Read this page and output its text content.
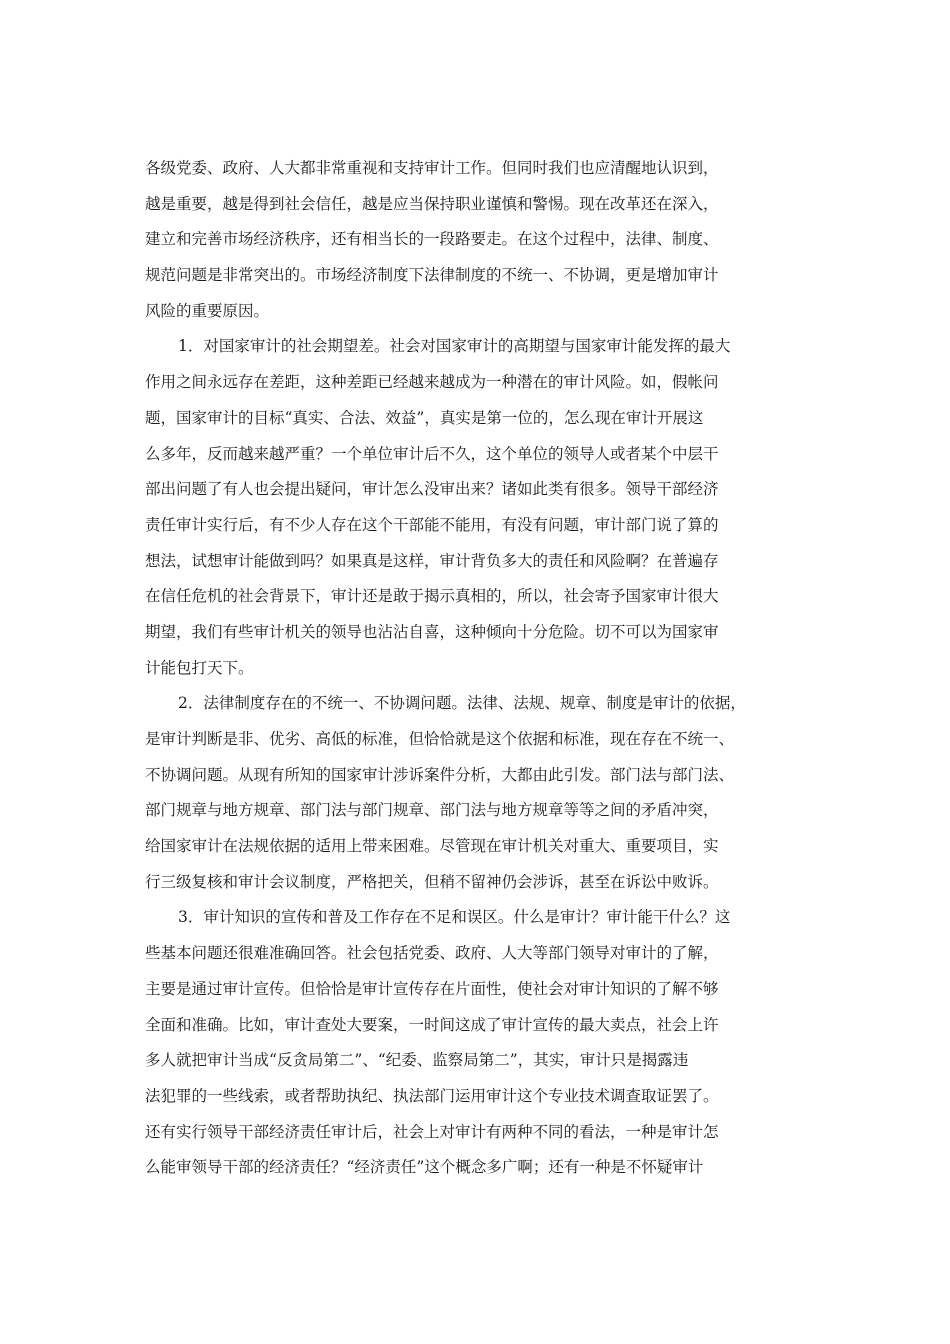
各级党委、政府、人大都非常重视和支持审计工作。但同时我们也应清醒地认识到，
越是重要，越是得到社会信任，越是应当保持职业谨慎和警惕。现在改革还在深入，
建立和完善市场经济秩序，还有相当长的一段路要走。在这个过程中，法律、制度、
规范问题是非常突出的。市场经济制度下法律制度的不统一、不协调，更是增加审计
风险的重要原因。
1．对国家审计的社会期望差。社会对国家审计的高期望与国家审计能发挥的最大
作用之间永远存在差距，这种差距已经越来越成为一种潜在的审计风险。如，假帐问
题，国家审计的目标“真实、合法、效益”，真实是第一位的，怎么现在审计开展这
么多年，反而越来越严重？一个单位审计后不久，这个单位的领导人或者某个中层干
部出问题了有人也会提出疑问，审计怎么没审出来？诸如此类有很多。领导干部经济
责任审计实行后，有不少人存在这个干部能不能用，有没有问题，审计部门说了算的
想法，试想审计能做到吗？如果真是这样，审计背负多大的责任和风险啊？在普遍存
在信任危机的社会背景下，审计还是敢于揭示真相的，所以，社会寄予国家审计很大
期望，我们有些审计机关的领导也沾沾自喜，这种倾向十分危险。切不可以为国家审
计能包打天下。
2．法律制度存在的不统一、不协调问题。法律、法规、规章、制度是审计的依据，
是审计判断是非、优劣、高低的标准，但恰恰就是这个依据和标准，现在存在不统一、
不协调问题。从现有所知的国家审计涉诉案件分析，大都由此引发。部门法与部门法、
部门规章与地方规章、部门法与部门规章、部门法与地方规章等等之间的矛盾冲突，
给国家审计在法规依据的适用上带来困难。尽管现在审计机关对重大、重要项目，实
行三级复核和审计会议制度，严格把关，但稍不留神仍会涉诉，甚至在诉讼中败诉。
3．审计知识的宣传和普及工作存在不足和误区。什么是审计？审计能干什么？这
些基本问题还很难准确回答。社会包括党委、政府、人大等部门领导对审计的了解，
主要是通过审计宣传。但恰恰是审计宣传存在片面性，使社会对审计知识的了解不够
全面和准确。比如，审计查处大要案，一时间这成了审计宣传的最大卖点，社会上许
多人就把审计当成“反贪局第二”、“纪委、监察局第二”，其实，审计只是揭露违
法犯罪的一些线索，或者帮助执纪、执法部门运用审计这个专业技术调查取证罢了。
还有实行领导干部经济责任审计后，社会上对审计有两种不同的看法，一种是审计怎
么能审领导干部的经济责任？“经济责任”这个概念多广啊；还有一种是不怀疑审计
